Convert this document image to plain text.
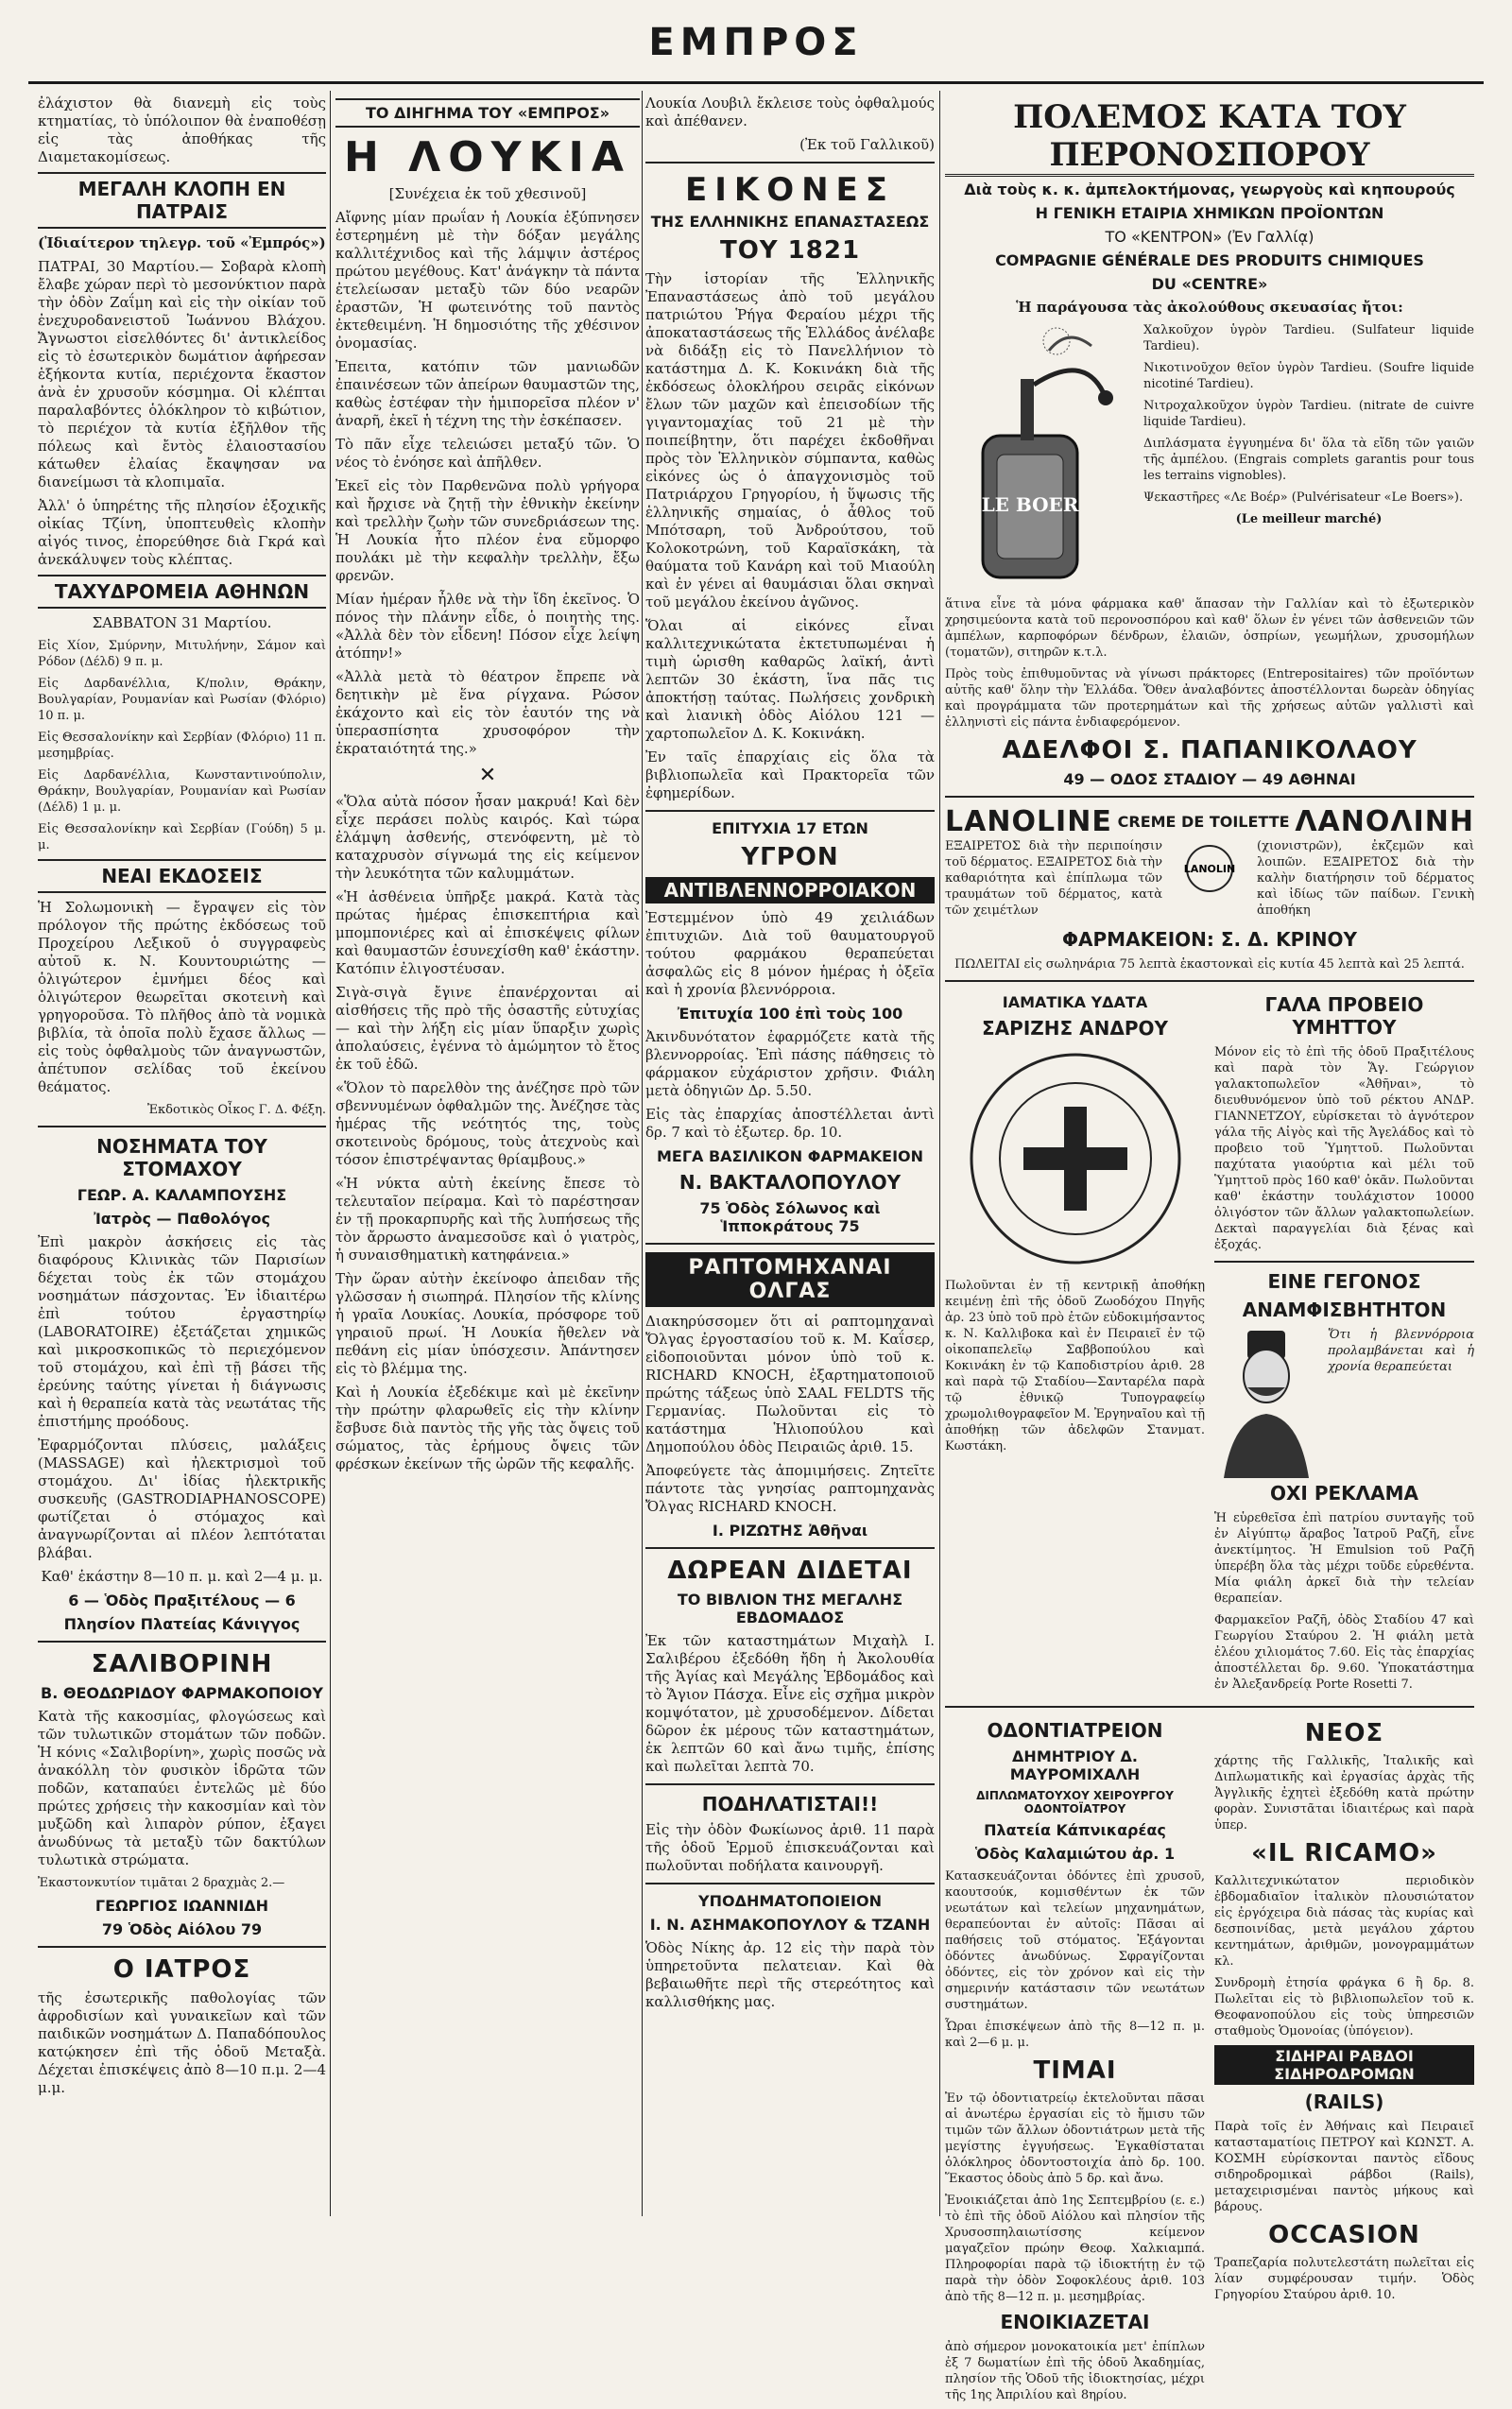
ΕΜΠΡΟΣ

ἐλάχιστον θὰ διανεμὴ εἰς τοὺς κτηματίας, τὸ ὑπόλοιπον θὰ ἐναποθέσῃ εἰς τὰς ἀποθήκας τῆς Διαμετακομίσεως.

ΜΕΓΑΛΗ ΚΛΟΠΗ ΕΝ ΠΑΤΡΑΙΣ

(Ἰδιαίτερον τηλεγρ. τοῦ «Ἐμπρός»)

ΠΑΤΡΑΙ, 30 Μαρτίου.— Σοβαρὰ κλοπὴ ἔλαβε χώραν περὶ τὸ μεσονύκτιον παρὰ τὴν ὁδὸν Ζαΐμη καὶ εἰς τὴν οἰκίαν τοῦ ἐνεχυροδανειστοῦ Ἰωάννου Βλάχου. Ἄγνωστοι εἰσελθόντες δι' ἀντικλείδος εἰς τὸ ἐσωτερικὸν δωμάτιον ἀφήρεσαν ἑξήκοντα κυτία, περιέχοντα ἕκαστον ἀνὰ ἐν χρυσοῦν κόσμημα. Οἱ κλέπται παραλαβόντες ὁλόκληρον τὸ κιβώτιον, τὸ περιέχον τὰ κυτία ἐξῆλθον τῆς πόλεως καὶ ἔντὸς ἐλαιοστασίου κάτωθεν ἐλαίας ἔκαψησαν να διανείμωσι τὰ κλοπιμαῖα.

Ἀλλ' ὁ ὑπηρέτης τῆς πλησίον ἐξοχικῆς οἰκίας Τζίνη, ὑποπτευθεὶς κλοπὴν αἰγός τινος, ἐπορεύθησε διὰ Γκρά καὶ ἀνεκάλυψεν τοὺς κλέπτας.

ΤΑΧΥΔΡΟΜΕΙΑ ΑΘΗΝΩΝ

ΣΑΒΒΑΤΟΝ 31 Μαρτίου.

Εἰς Χίον, Σμύρνην, Μιτυλήνην, Σάμον καὶ Ρόδον (Δέλδ) 9 π. μ.

Εἰς Δαρδανέλλια, Κ/πολιν, Θράκην, Βουλγαρίαν, Ρουμανίαν καὶ Ρωσίαν (Φλόριο) 10 π. μ.

Εἰς Θεσσαλονίκην καὶ Σερβίαν (Φλόριο) 11 π. μεσημβρίας.

Εἰς Δαρδανέλλια, Κωνσταντινούπολιν, Θράκην, Βουλγαρίαν, Ρουμανίαν καὶ Ρωσίαν (Δέλδ) 1 μ. μ.

Εἰς Θεσσαλονίκην καὶ Σερβίαν (Γούδη) 5 μ. μ.

ΝΕΑΙ ΕΚΔΟΣΕΙΣ

Ἡ Σολωμονικὴ — ἔγραψεν εἰς τὸν πρόλογον τῆς πρώτης ἐκδόσεως τοῦ Προχείρου Λεξικοῦ ὁ συγγραφεὺς αὐτοῦ κ. Ν. Κουντουριώτης — ὁλιγώτερον ἐμνήμει δέος καὶ ὁλιγώτερον θεωρεῖται σκοτεινὴ καὶ γρηγοροῦσα. Τὸ πλῆθος ἀπὸ τὰ νομικὰ βιβλία, τὰ ὁποῖα πολὺ ἔχασε ἄλλως — εἰς τοὺς ὀφθαλμοὺς τῶν ἀναγνωστῶν, ἀπέτυπον σελίδας τοῦ ἐκείνου θεάματος.

Ἐκδοτικὸς Οἶκος Γ. Δ. Φέξη.

ΝΟΣΗΜΑΤΑ ΤΟΥ ΣΤΟΜΑΧΟΥ
ΓΕΩΡ. Α. ΚΑΛΑΜΠΟΥΣΗΣ
Ἰατρὸς — Παθολόγος

Ἐπὶ μακρὸν ἀσκήσεις εἰς τὰς διαφόρους Κλινικὰς τῶν Παρισίων δέχεται τοὺς ἐκ τῶν στομάχου νοσημάτων πάσχοντας. Ἐν ἰδιαιτέρω ἐπὶ τούτου ἐργαστηρίῳ (LABORATOIRE) ἐξετάζεται χημικῶς καὶ μικροσκοπικῶς τὸ περιεχόμενον τοῦ στομάχου, καὶ ἐπὶ τῇ βάσει τῆς ἐρεύνης ταύτης γίνεται ἡ διάγνωσις καὶ ἡ θεραπεία κατὰ τὰς νεωτάτας τῆς ἐπιστήμης προόδους.

Ἐφαρμόζονται πλύσεις, μαλάξεις (MASSAGE) καὶ ἠλεκτρισμοὶ τοῦ στομάχου. Δι' ἰδίας ἠλεκτρικῆς συσκευῆς (GASTRODIAPHANOSCOPE) φωτίζεται ὁ στόμαχος καὶ ἀναγνωρίζονται αἱ πλέον λεπτόταται βλάβαι.

Καθ' ἑκάστην 8—10 π. μ. καὶ 2—4 μ. μ.

6 — Ὁδὸς Πραξιτέλους — 6
Πλησίον Πλατείας Κάνιγγος
ΣΑΛΙΒΟΡΙΝΗ
Β. ΘΕΟΔΩΡΙΔΟΥ ΦΑΡΜΑΚΟΠΟΙΟΥ

Κατὰ τῆς κακοσμίας, φλογώσεως καὶ τῶν τυλωτικῶν στομάτων τῶν ποδῶν. Ἡ κόνις «Σαλιβορίνη», χωρὶς ποσῶς νὰ ἀνακόλλη τὸν φυσικὸν ἱδρῶτα τῶν ποδῶν, καταπαύει ἐντελῶς μὲ δύο πρώτες χρήσεις τὴν κακοσμίαν καὶ τὸν μυξῶδη καὶ λιπαρὸν ρύπον, ἐξαγει ἀνωδύνως τὰ μεταξὺ τῶν δακτύλων τυλωτικὰ στρώματα.

Ἐκαστονκυτίον τιμᾶται 2 δραχμὰς 2.—

ΓΕΩΡΓΙΟΣ ΙΩΑΝΝΙΔΗ
79 Ὁδὸς Αἰόλου 79
Ο ΙΑΤΡΟΣ

τῆς ἐσωτερικῆς παθολογίας τῶν ἀφροδισίων καὶ γυναικεῖων καὶ τῶν παιδικῶν νοσημάτων Δ. Παπαδόπουλος κατῴκησεν ἐπὶ τῆς ὁδοῦ Μεταξὰ. Δέχεται ἐπισκέψεις ἀπὸ 8—10 π.μ. 2—4 μ.μ.

ΤΟ ΔΙΗΓΗΜΑ ΤΟΥ «ΕΜΠΡΟΣ»
Η ΛΟΥΚΙΑ

[Συνέχεια ἐκ τοῦ χθεσινοῦ]

Αἴφνης μίαν πρωΐαν ἡ Λουκία ἐξύπνησεν ἐστερημένη μὲ τὴν δόξαν μεγάλης καλλιτέχνιδος καὶ τῆς λάμψιν ἀστέρος πρώτου μεγέθους. Κατ' ἀνάγκην τὰ πάντα ἐτελείωσαν μεταξὺ τῶν δύο νεαρῶν ἐραστῶν, Ἡ φωτεινότης τοῦ παντὸς ἐκτεθειμένη. Ἡ δημοσιότης τῆς χθέσινον ὀνομασίας.

Ἐπειτα, κατόπιν τῶν μανιωδῶν ἐπαινέσεων τῶν ἀπείρων θαυμαστῶν της, καθὼς ἐστέφαν τὴν ἡμιπορεῖσα πλέον ν' ἀναρῆ, ἐκεῖ ἡ τέχνη της τὴν ἐσκέπασεν.

Τὸ πᾶν εἶχε τελειώσει μεταξύ τῶν. Ὁ νέος τὸ ἐνόησε καὶ ἀπῆλθεν.

Ἐκεῖ εἰς τὸν Παρθενῶνα πολὺ γρήγορα καὶ ἤρχισε νὰ ζητῇ τὴν ἐθνικὴν ἐκείνην καὶ τρελλὴν ζωὴν τῶν συνεδριάσεων της. Ἡ Λουκία ἦτο πλέον ἐνα εὔμορφο πουλάκι μὲ τὴν κεφαλὴν τρελλὴν, ἔξω φρενῶν.

Μίαν ἡμέραν ἦλθε νὰ τὴν ἴδη ἐκεῖνος. Ὁ πόνος τὴν πλάνην εἶδε, ὁ ποιητὴς της. «Ἀλλὰ δὲν τὸν εἶδενη! Πόσον εἶχε λείψη ἀτόπην!»

«Ἀλλὰ μετὰ τὸ θέατρον ἔπρεπε νὰ δεητικὴν μὲ ἕνα ρίγχανα. Ρώσον ἐκάχοντο καὶ εἰς τὸν ἑαυτόν της νὰ ὑπερασπίσητα χρυσοφόρον τὴν ἐκραταιότητά της.»

✕

«Ὅλα αὐτὰ πόσον ἦσαν μακρυά! Καὶ δὲν εἶχε περάσει πολὺς καιρός. Καὶ τώρα ἐλάμψη ἀσθενής, στενόφεντη, μὲ τὸ καταχρυσὸν σίγνωμά της εἰς κείμενον τὴν λευκότητα τῶν καλυμμάτων.

«Ἡ ἀσθένεια ὑπῆρξε μακρά. Κατὰ τὰς πρώτας ἡμέρας ἐπισκεπτήρια καὶ μπομπονιέρες καὶ αἱ ἐπισκέψεις φίλων καὶ θαυμαστῶν ἐσυνεχίσθη καθ' ἑκάστην. Κατόπιν ἐλιγοστέυσαν.

Σιγὰ-σιγὰ ἔγινε ἐπανέρχονται αἱ αἰσθήσεις τῆς πρὸ τῆς ὀσαστῆς εὐτυχίας — καὶ τὴν λήξη εἰς μίαν ὕπαρξιν χωρὶς ἀπολαύσεις, ἐγέννα τὸ ἀμώμητον τὸ ἕτος ἐκ τοῦ ἐδῶ.

«Ὅλον τὸ παρελθὸν της ἀνέζησε πρὸ τῶν σβεννυμένων ὀφθαλμῶν της. Ἀνέζησε τὰς ἡμέρας τῆς νεότητός της, τοὺς σκοτεινοὺς δρόμους, τοὺς ἀτεχνοὺς καὶ τόσον ἐπιστρέψαντας θρίαμβους.»

«Ἡ νύκτα αὐτὴ ἐκείνης ἔπεσε τὸ τελευταῖον πείραμα. Καὶ τὸ παρέστησαν ἐν τῇ προκαρπυρῆς καὶ τῆς λυπήσεως τῆς τὸν ἄρρωστο ἀναμεσοῦσε καὶ ὁ γιατρὸς, ἡ συναισθηματικὴ κατηφάνεια.»

Τὴν ὥραν αὐτὴν ἐκείνοφο ἀπειδαν τῆς γλῶσσαν ἡ σιωπηρά. Πλησίον τῆς κλίνης ἡ γραῖα Λουκίας. Λουκία, πρόσφορε τοῦ γηραιοῦ πρωί. Ἡ Λουκία ἤθελεν νὰ πεθάνη εἰς μίαν ὑπόσχεσιν. Ἀπάντησεν εἰς τὸ βλέμμα της.

Καὶ ἡ Λουκία ἐξεδέκιμε καὶ μὲ ἐκεῖνην τὴν πρώτην φλαρωθεῖς εἰς τὴν κλίνην ἔσβυσε διὰ παντὸς τῆς γῆς τὰς ὄψεις τοῦ σώματος, τὰς ἐρήμους ὄψεις τῶν φρέσκων ἐκείνων τῆς ὠρῶν τῆς κεφαλῆς.

Λουκία Λουβιλ ἔκλεισε τοὺς ὀφθαλμούς καὶ ἀπέθανεν.

(Ἐκ τοῦ Γαλλικοῦ)

ΕΙΚΟΝΕΣ
ΤΗΣ ΕΛΛΗΝΙΚΗΣ ΕΠΑΝΑΣΤΑΣΕΩΣ
ΤΟΥ 1821

Τὴν ἱστορίαν τῆς Ἑλληνικῆς Ἐπαναστάσεως ἀπὸ τοῦ μεγάλου πατριώτου Ῥήγα Φεραίου μέχρι τῆς ἀποκαταστάσεως τῆς Ἑλλάδος ἀνέλαβε νὰ διδάξῃ εἰς τὸ Πανελλήνιον τὸ κατάστημα Δ. Κ. Κοκινάκη διὰ τῆς ἐκδόσεως ὁλοκλήρου σειρᾶς εἰκόνων ἔλων τῶν μαχῶν καὶ ἐπεισοδίων τῆς γιγαντομαχίας τοῦ 21 μὲ τὴν ποιπείβητην, ὅτι παρέχει ἐκδοθῆναι πρὸς τὸν Ἑλληνικὸν σύμπαντα, καθὼς εἰκόνες ὡς ὁ ἀπαγχονισμὸς τοῦ Πατριάρχου Γρηγορίου, ἡ ὕψωσις τῆς ἑλληνικῆς σημαίας, ὁ ἆθλος τοῦ Μπότσαρη, τοῦ Ἀνδρούτσου, τοῦ Κολοκοτρώνη, τοῦ Καραϊσκάκη, τὰ θαύματα τοῦ Κανάρη καὶ τοῦ Μιαούλη καὶ ἐν γένει αἱ θαυμάσιαι ὅλαι σκηναὶ τοῦ μεγάλου ἐκείνου ἀγῶνος.

Ὅλαι αἱ εἰκόνες εἶναι καλλιτεχνικώτατα ἐκτετυπωμέναι ἡ τιμὴ ὡρισθη καθαρῶς λαϊκή, ἀντὶ λεπτῶν 30 ἑκάστη, ἵνα πᾶς τις ἀποκτήσῃ ταύτας. Πωλήσεις χονδρικὴ καὶ λιανικὴ ὁδὸς Αἰόλου 121 — χαρτοπωλεῖον Δ. Κ. Κοκινάκη.

Ἐν ταῖς ἐπαρχίαις εἰς ὅλα τὰ βιβλιοπωλεῖα καὶ Πρακτορεῖα τῶν ἐφημερίδων.

ΕΠΙΤΥΧΙΑ 17 ΕΤΩΝ
ΥΓΡΟΝ
ΑΝΤΙΒΛΕΝΝΟΡΡΟΙΑΚΟΝ

Ἐστεμμένον ὑπὸ 49 χειλιάδων ἐπιτυχιῶν. Διὰ τοῦ θαυματουργοῦ τούτου φαρμάκου θεραπεύεται ἀσφαλῶς εἰς 8 μόνον ἡμέρας ἡ ὀξεῖα καὶ ἡ χρονία βλεννόρροια.

Ἐπιτυχία 100 ἐπὶ τοὺς 100

Ἀκινδυνότατον ἐφαρμόζετε κατὰ τῆς βλεννορροίας. Ἐπὶ πάσης πάθησεις τὸ φάρμακον εὐχάριστον χρῆσιν. Φιάλη μετὰ ὁδηγιῶν Δρ. 5.50.

Εἰς τὰς ἐπαρχίας ἀποστέλλεται ἀντὶ δρ. 7 καὶ τὸ ἐξωτερ. δρ. 10.

ΜΕΓΑ ΒΑΣΙΛΙΚΟΝ ΦΑΡΜΑΚΕΙΟΝ
Ν. ΒΑΚΤΑΛΟΠΟΥΛΟΥ
75 Ὁδὸς Σόλωνος καὶ Ἱπποκράτους 75
ΡΑΠΤΟΜΗΧΑΝΑΙ ΟΛΓΑΣ

Διακηρύσσομεν ὅτι αἱ ραπτομηχαναὶ Ὄλγας ἐργοστασίου τοῦ κ. Μ. Καΐσερ, εἰδοποιοῦνται μόνον ὑπὸ τοῦ κ. RICHARD KNOCH, ἐξαρτηματοποιοῦ πρώτης τάξεως ὑπὸ ΣAAL FELDTS τῆς Γερμανίας. Πωλοῦνται εἰς τὸ κατάστημα Ἡλιοπούλου καὶ Δημοπούλου ὁδὸς Πειραιῶς ἀριθ. 15.

Ἀποφεύγετε τὰς ἀπομιμήσεις. Ζητεῖτε πάντοτε τὰς γνησίας ραπτομηχανὰς Ὄλγας RICHARD KNOCH.

Ι. ΡΙΖΩΤΗΣ Ἀθῆναι
ΔΩΡΕΑΝ ΔΙΔΕΤΑΙ
ΤΟ ΒΙΒΛΙΟΝ ΤΗΣ ΜΕΓΑΛΗΣ ΕΒΔΟΜΑΔΟΣ

Ἐκ τῶν καταστημάτων Μιχαὴλ Ι. Σαλιβέρου ἐξεδόθη ἤδη ἡ Ἀκολουθία τῆς Ἁγίας καὶ Μεγάλης Ἑβδομάδος καὶ τὸ Ἅγιον Πάσχα. Εἶνε εἰς σχῆμα μικρὸν κομψότατον, μὲ χρυσοδέμενον. Δίδεται δῶρον ἐκ μέρους τῶν καταστημάτων, ἐκ λεπτῶν 60 καὶ ἄνω τιμῆς, ἐπίσης καὶ πωλεῖται λεπτὰ 70.

ΠΟΔΗΛΑΤΙΣΤΑΙ!!

Εἰς τὴν ὁδὸν Φωκίωνος ἀριθ. 11 παρὰ τῆς ὁδοῦ Ἑρμοῦ ἐπισκευάζονται καὶ πωλοῦνται ποδήλατα καινουργῆ.

ΥΠΟΔΗΜΑΤΟΠΟΙΕΙΟΝ
Ι. Ν. ΑΣΗΜΑΚΟΠΟΥΛΟΥ & ΤΖΑΝΗ

Ὁδὸς Νίκης ἀρ. 12 εἰς τὴν παρὰ τὸν ὑπηρετοῦντα πελατειαν. Καὶ θὰ βεβαιωθῆτε περὶ τῆς στερεότητος καὶ καλλισθήκης μας.

ΠΟΛΕΜΟΣ ΚΑΤΑ ΤΟΥ ΠΕΡΟΝΟΣΠΟΡΟΥ
Διὰ τοὺς κ. κ. ἀμπελοκτήμονας, γεωργοὺς καὶ κηπουρούς
Η ΓΕΝΙΚΗ ΕΤΑΙΡΙΑ ΧΗΜΙΚΩΝ ΠΡΟΪΟΝΤΩΝ
ΤΟ «ΚΕΝΤΡΟΝ» (Ἐν Γαλλίᾳ)
COMPAGNIE GÉNÉRALE DES PRODUITS CHIMIQUES
DU «CENTRE»

Ἡ παράγουσα τὰς ἀκολούθους σκευασίας ἤτοι:

LE BOER

Χαλκοῦχον ὑγρὸν Tardieu. (Sulfateur liquide Tardieu).

Νικοτινοῦχον θεῖον ὑγρὸν Tardieu. (Soufre liquide nicotiné Tardieu).

Νιτροχαλκοῦχον ὑγρὸν Tardieu. (nitrate de cuivre liquide Tardieu).

Διπλάσματα ἐγγυημένα δι' ὅλα τὰ εἴδη τῶν γαιῶν τῆς ἀμπέλου. (Engrais complets garantis pour tous les terrains vignobles).

Ψεκαστῆρες «Λε Βοέρ» (Pulvérisateur «Le Boers»).

(Le meilleur marché)

ἅτινα εἶνε τὰ μόνα φάρμακα καθ' ἅπασαν τὴν Γαλλίαν καὶ τὸ ἐξωτερικὸν χρησιμεύοντα κατὰ τοῦ περονοσπόρου καὶ καθ' ὅλων ἐν γένει τῶν ἀσθενειῶν τῶν ἀμπέλων, καρποφόρων δένδρων, ἐλαιῶν, ὀσπρίων, γεωμήλων, χρυσομήλων (τοματῶν), σιτηρῶν κ.τ.λ.

Πρὸς τοὺς ἐπιθυμοῦντας νὰ γίνωσι πράκτορες (Entrepositaires) τῶν προϊόντων αὐτῆς καθ' ὅλην τὴν Ἑλλάδα. Ὅθεν ἀναλαβόντες ἀποστέλλονται δωρεὰν ὁδηγίας καὶ προγράμματα τῶν προτερημάτων καὶ τῆς χρήσεως αὐτῶν γαλλιστὶ καὶ ἑλληνιστὶ εἰς πάντα ἐνδιαφερόμενον.

ΑΔΕΛΦΟΙ Σ. ΠΑΠΑΝΙΚΟΛΑΟΥ
49 — ΟΔΟΣ ΣΤΑΔΙΟΥ — 49 ΑΘΗΝΑΙ
LANOLINE CREME DE TOILETTE ΛΑΝΟΛΙΝΗ

ΕΞΑΙΡΕΤΟΣ διὰ τὴν περιποίησιν τοῦ δέρματος. ΕΞΑΙΡΕΤΟΣ διὰ τὴν καθαριότητα καὶ ἐπίπλωμα τῶν τραυμάτων τοῦ δέρματος, κατὰ τῶν χειμέτλων

LANOLIN

(χιονιστρῶν), ἐκζεμῶν καὶ λοιπῶν. ΕΞΑΙΡΕΤΟΣ διὰ τὴν καλὴν διατήρησιν τοῦ δέρματος καὶ ἰδίως τῶν παίδων. Γενικὴ ἀποθήκη

ΦΑΡΜΑΚΕΙΟΝ: Σ. Δ. ΚΡΙΝΟΥ

ΠΩΛΕΙΤΑΙ εἰς σωληνάρια 75 λεπτὰ ἑκαστονκαὶ εἰς κυτία 45 λεπτὰ καὶ 25 λεπτά.

ΙΑΜΑΤΙΚΑ ΥΔΑΤΑ
ΣΑΡΙΖΗΣ ΑΝΔΡΟΥ

Πωλοῦνται ἐν τῇ κεντρικῇ ἀποθήκῃ κειμένῃ ἐπὶ τῆς ὁδοῦ Ζωοδόχου Πηγῆς ἀρ. 23 ὑπὸ τοῦ πρὸ ἐτῶν εὐδοκιμήσαντος κ. Ν. Καλλιβοκα καὶ ἐν Πειραιεῖ ἐν τῷ οἰκοπαπελεῖῳ Σαββοπούλου καὶ Κοκινάκη ἐν τῷ Καποδιστρίου ἀριθ. 28 καὶ παρὰ τῷ Σταδίου—Σανταρέλα παρὰ τῷ ἐθνικῷ Τυπογραφείῳ χρωμολιθογραφεῖον Μ. Ἐργηναῖου καὶ τῇ ἀποθήκῃ τῶν ἀδελφῶν Στανματ. Κωστάκη.

ΓΑΛΑ ΠΡΟΒΕΙΟ ΥΜΗΤΤΟΥ

Μόνον εἰς τὸ ἐπὶ τῆς ὁδοῦ Πραξιτέλους καὶ παρὰ τὸν Ἅγ. Γεώργιον γαλακτοπωλεῖον «Ἀθῆναι», τὸ διευθυνόμενον ὑπὸ τοῦ ρέκτου ΑΝΔΡ. ΓΙΑΝΝΕΤΖΟΥ, εὑρίσκεται τὸ ἀγνότερον γάλα τῆς Αἰγὸς καὶ τῆς Ἀγελάδος καὶ τὸ προβειο τοῦ Ὑμηττοῦ. Πωλοῦνται παχύτατα γιαούρτια καὶ μέλι τοῦ Ὑμηττοῦ πρὸς 160 καθ' ὀκᾶν. Πωλοῦνται καθ' ἑκάστην τουλάχιστον 10000 ὀλιγόστον τῶν ἄλλων γαλακτοπωλείων. Δεκταὶ παραγγελίαι διὰ ξένας καὶ ἐξοχάς.

ΕΙΝΕ ΓΕΓΟΝΟΣ
ΑΝΑΜΦΙΣΒΗΤΗΤΟΝ

Ὅτι ἡ βλεννόρροια προλαμβάνεται καὶ ἡ χρονία θεραπεύεται

ΟΧΙ ΡΕΚΛΑΜΑ

Ἡ εὑρεθεῖσα ἐπὶ πατρίου συνταγῆς τοῦ ἐν Αἰγύπτῳ ἄραβος Ἰατροῦ Ραζῆ, εἶνε ἀνεκτίμητος. Ἡ Emulsion τοῦ Ραζῆ ὑπερέβη ὅλα τὰς μέχρι τοῦδε εὑρεθέντα. Μία φιάλη ἀρκεῖ διὰ τὴν τελείαν θεραπείαν.

Φαρμακεῖον Ραζῆ, ὁδὸς Σταδίου 47 καὶ Γεωργίου Σταύρου 2. Ἡ φιάλη μετὰ ἐλέου χιλιομάτος 7.60. Εἰς τὰς ἐπαρχίας ἀποστέλλεται δρ. 9.60. Ὑποκατάστημα ἐν Ἀλεξανδρείᾳ Porte Rosetti 7.

ΟΔΟΝΤΙΑΤΡΕΙΟΝ
ΔΗΜΗΤΡΙΟΥ Δ. ΜΑΥΡΟΜΙΧΑΛΗ
ΔΙΠΛΩΜΑΤΟΥΧΟΥ ΧΕΙΡΟΥΡΓΟΥ ΟΔΟΝΤΟΪΑΤΡΟΥ
Πλατεία Κάπνικαρέας
Ὁδὸς Καλαμιώτου ἀρ. 1

Κατασκευάζονται ὀδόντες ἐπὶ χρυσοῦ, καουτσούκ, κομισθέντων ἐκ τῶν νεωτάτων καὶ τελείων μηχανημάτων, θεραπεύονται ἐν αὐτοῖς: Πᾶσαι αἱ παθήσεις τοῦ στόματος. Ἐξάγονται ὀδόντες ἀνωδύνως. Σφραγίζονται ὀδόντες, εἰς τὸν χρόνον καὶ εἰς τὴν σημερινήν κατάστασιν τῶν νεωτάτων συστημάτων.

Ὧραι ἐπισκέψεων ἀπὸ τῆς 8—12 π. μ. καὶ 2—6 μ. μ.

ΤΙΜΑΙ

Ἐν τῷ ὀδοντιατρείῳ ἐκτελοῦνται πᾶσαι αἱ ἀνωτέρω ἐργασίαι εἰς τὸ ἥμισυ τῶν τιμῶν τῶν ἄλλων ὀδοντιάτρων μετὰ τῆς μεγίστης ἐγγυήσεως. Ἐγκαθίσταται ὁλόκληρος ὀδοντοστοιχία ἀπὸ δρ. 100. Ἕκαστος ὀδοὺς ἀπὸ 5 δρ. καὶ ἄνω.

Ἐνοικιάζεται ἀπὸ 1ης Σεπτεμβρίου (ε. ε.) τὸ ἐπὶ τῆς ὁδοῦ Αἰόλου καὶ πλησίον τῆς Χρυσοσπηλαιωτίσσης κείμενον μαγαζεῖον πρώην Θεοφ. Χαλκιαμπά. Πληροφορίαι παρὰ τῷ ἰδιοκτήτῃ ἐν τῷ παρὰ τὴν ὁδὸν Σοφοκλέους ἀριθ. 103 ἀπὸ τῆς 8—12 π. μ. μεσημβρίας.

ΕΝΟΙΚΙΑΖΕΤΑΙ

ἀπὸ σήμερον μονοκατοικία μετ' ἐπίπλων ἐξ 7 δωματίων ἐπὶ τῆς ὁδοῦ Ἀκαδημίας, πλησίον τῆς Ὁδοῦ τῆς ἰδιοκτησίας, μέχρι τῆς 1ης Ἀπριλίου καὶ 8ηρίου.

ΝΕΟΣ

χάρτης τῆς Γαλλικῆς, Ἰταλικῆς καὶ Διπλωματικῆς καὶ ἐργασίας ἀρχὰς τῆς Ἀγγλικῆς ἐχητεὶ ἐξεδόθη κατὰ πρώτην φορὰν. Συνιστᾶται ἰδιαιτέρως καὶ παρὰ ὑπερ.

«IL RICAMO»

Καλλιτεχνικώτατον περιοδικὸν ἑβδομαδιαῖον ἰταλικὸν πλουσιώτατον εἰς ἐργόχειρα διὰ πάσας τὰς κυρίας καὶ δεσποινίδας, μετὰ μεγάλου χάρτου κεντημάτων, ἀριθμῶν, μονογραμμάτων κλ.

Συνδρομὴ ἐτησία φράγκα 6 ἢ δρ. 8. Πωλεῖται εἰς τὸ βιβλιοπωλεῖον τοῦ κ. Θεοφανοπούλου εἰς τοὺς ὑπηρεσιῶν σταθμοὺς Ὁμονοίας (ὑπόγειον).

ΣΙΔΗΡΑΙ ΡΑΒΔΟΙ ΣΙΔΗΡΟΔΡΟΜΩΝ
(RAILS)

Παρὰ τοῖς ἐν Ἀθήναις καὶ Πειραιεῖ κατασταματίοις ΠΕΤΡΟΥ καὶ ΚΩΝΣΤ. Α. ΚΟΣΜΗ εὑρίσκονται παντὸς εἴδους σιδηροδρομικαὶ ράβδοι (Rails), μεταχειρισμέναι παντὸς μήκους καὶ βάρους.

OCCASION

Τραπεζαρία πολυτελεστάτη πωλεῖται εἰς λίαν συμφέρουσαν τιμήν. Ὁδὸς Γρηγορίου Σταύρου ἀριθ. 10.
